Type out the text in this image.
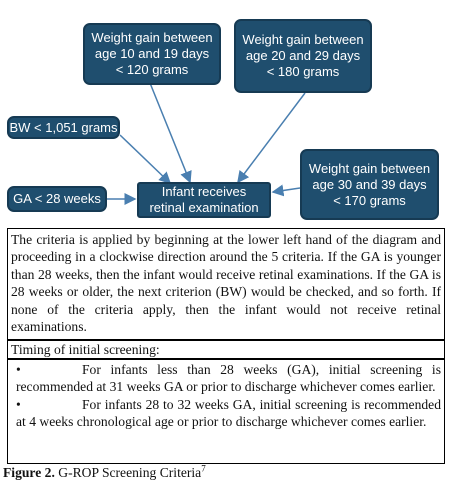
Weight gain between
age 10 and 19 days
< 120 grams
Weight gain between
age 20 and 29 days
< 180 grams
BW < 1,051 grams
GA < 28 weeks	Infant receives
retinal examination
Weight gain between
age 30 and 39 days
< 170 grams
The criteria is applied by beginning at the lower left hand of the diagram and proceeding in a clockwise direction around the 5 criteria. If the GA is younger than 28 weeks, then the infant would receive retinal examinations. If the GA is 28 weeks or older, the next criterion (BW) would be checked, and so forth. If none of the criteria apply, then the infant would not receive retinal examinations.
Timing of initial screening:
•	For infants less than 28 weeks (GA), initial screening is recommended at 31 weeks GA or prior to discharge whichever comes earlier.
•	For infants 28 to 32 weeks GA, initial screening is recommended at 4 weeks chronological age or prior to discharge whichever comes earlier.
Figure 2. G-ROP Screening Criteria$^7$
